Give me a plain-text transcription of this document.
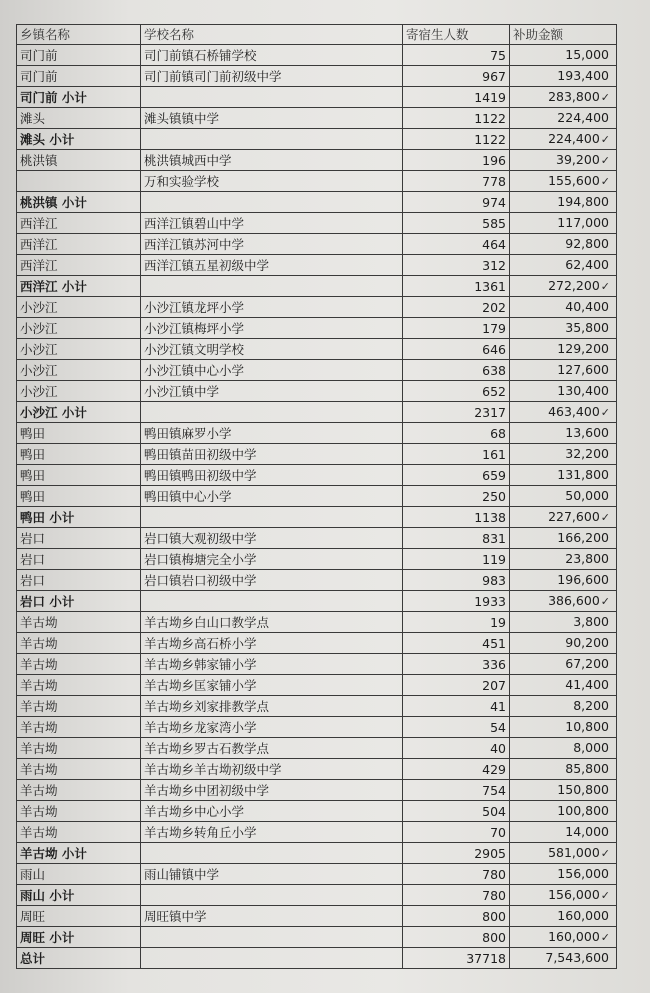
乡镇名称	学校名称	寄宿生人数	补助金额
司门前	司门前镇石桥铺学校	75	15,000
司门前	司门前镇司门前初级中学	967	193,400
司门前 小计		1419	283,800✓
滩头	滩头镇镇中学	1122	224,400
滩头 小计		1122	224,400✓
桃洪镇	桃洪镇城西中学	196	39,200✓
	万和实验学校	778	155,600✓
桃洪镇 小计		974	194,800
西洋江	西洋江镇碧山中学	585	117,000
西洋江	西洋江镇苏河中学	464	92,800
西洋江	西洋江镇五星初级中学	312	62,400
西洋江 小计		1361	272,200✓
小沙江	小沙江镇龙坪小学	202	40,400
小沙江	小沙江镇梅坪小学	179	35,800
小沙江	小沙江镇文明学校	646	129,200
小沙江	小沙江镇中心小学	638	127,600
小沙江	小沙江镇中学	652	130,400
小沙江 小计		2317	463,400✓
鸭田	鸭田镇麻罗小学	68	13,600
鸭田	鸭田镇苗田初级中学	161	32,200
鸭田	鸭田镇鸭田初级中学	659	131,800
鸭田	鸭田镇中心小学	250	50,000
鸭田 小计		1138	227,600✓
岩口	岩口镇大观初级中学	831	166,200
岩口	岩口镇梅塘完全小学	119	23,800
岩口	岩口镇岩口初级中学	983	196,600
岩口 小计		1933	386,600✓
羊古坳	羊古坳乡白山口教学点	19	3,800
羊古坳	羊古坳乡高石桥小学	451	90,200
羊古坳	羊古坳乡韩家铺小学	336	67,200
羊古坳	羊古坳乡匡家铺小学	207	41,400
羊古坳	羊古坳乡刘家排教学点	41	8,200
羊古坳	羊古坳乡龙家湾小学	54	10,800
羊古坳	羊古坳乡罗古石教学点	40	8,000
羊古坳	羊古坳乡羊古坳初级中学	429	85,800
羊古坳	羊古坳乡中团初级中学	754	150,800
羊古坳	羊古坳乡中心小学	504	100,800
羊古坳	羊古坳乡转角丘小学	70	14,000
羊古坳 小计		2905	581,000✓
雨山	雨山铺镇中学	780	156,000
雨山 小计		780	156,000✓
周旺	周旺镇中学	800	160,000
周旺 小计		800	160,000✓
总计		37718	7,543,600
